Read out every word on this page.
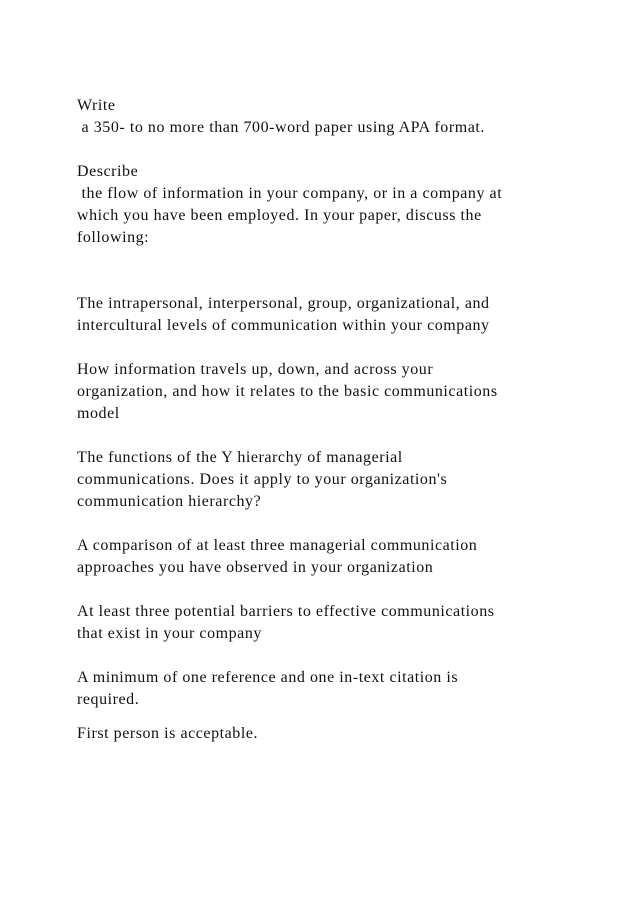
Write
a 350- to no more than 700-word paper using APA format.
Describe
the flow of information in your company, or in a company at
which you have been employed. In your paper, discuss the
following:
The intrapersonal, interpersonal, group, organizational, and
intercultural levels of communication within your company
How information travels up, down, and across your
organization, and how it relates to the basic communications
model
The functions of the Y hierarchy of managerial
communications. Does it apply to your organization's
communication hierarchy?
A comparison of at least three managerial communication
approaches you have observed in your organization
At least three potential barriers to effective communications
that exist in your company
A minimum of one reference and one in-text citation is
required.
First person is acceptable.
